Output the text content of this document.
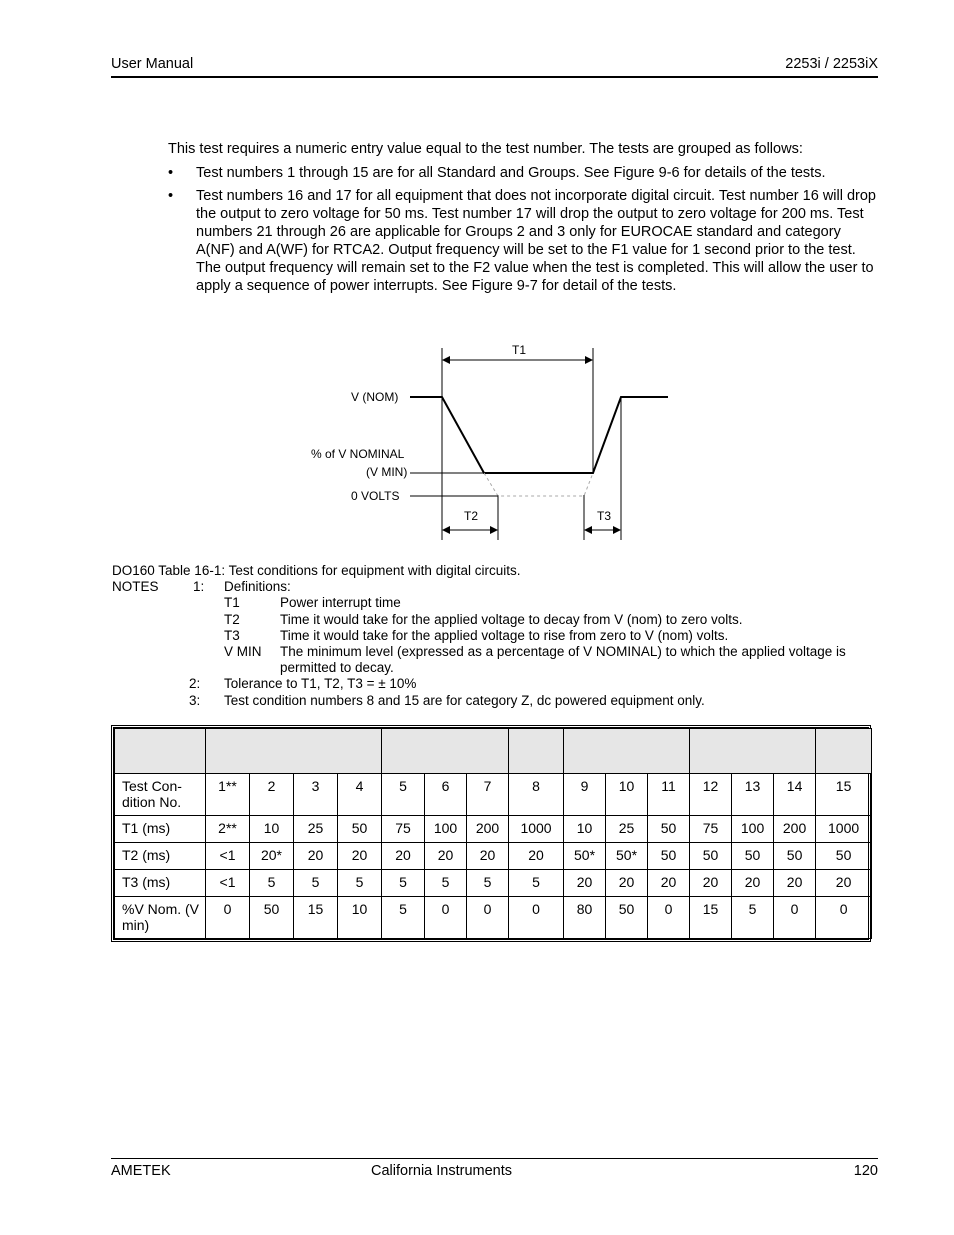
User Manual	2253i / 2253iX
This test requires a numeric entry value equal to the test number. The tests are grouped as follows:
• Test numbers 1 through 15 are for all Standard and Groups. See Figure 9-6 for details of the tests.
• Test numbers 16 and 17 for all equipment that does not incorporate digital circuit. Test number 16 will drop the output to zero voltage for 50 ms. Test number 17 will drop the output to zero voltage for 200 ms. Test numbers 21 through 26 are applicable for Groups 2 and 3 only for EUROCAE standard and category A(NF) and A(WF) for RTCA2. Output frequency will be set to the F1 value for 1 second prior to the test. The output frequency will remain set to the F2 value when the test is completed. This will allow the user to apply a sequence of power interrupts. See Figure 9-7 for detail of the tests.
T1
T2	T3
V (NOM)
% of V NOMINAL
(V MIN)
0 VOLTS
DO160 Table 16-1: Test conditions for equipment with digital circuits.
NOTES	1: Definitions:
T1	Power interrupt time
T2	Time it would take for the applied voltage to decay from V (nom) to zero volts.
T3	Time it would take for the applied voltage to rise from zero to V (nom) volts.
V MIN The minimum level (expressed as a percentage of V NOMINAL) to which the applied voltage is
permitted to decay.
2: Tolerance to T1, T2, T3 = ± 10%
3: Test condition numbers 8 and 15 are for category Z, dc powered equipment only.

Test Con-dition No.	1**	2	3	4	5	6	7	8	9	10	11	12	13	14	15
T1 (ms)	2**	10	25	50	75	100	200	1000	10	25	50	75	100	200	1000
T2 (ms)	<1	20*	20	20	20	20	20	20	50*	50*	50	50	50	50	50
T3 (ms)	<1	5	5	5	5	5	5	5	20	20	20	20	20	20	20
%V Nom. (V min)	0	50	15	10	5	0	0	0	80	50	0	15	5	0	0
AMETEK	California Instruments	120
